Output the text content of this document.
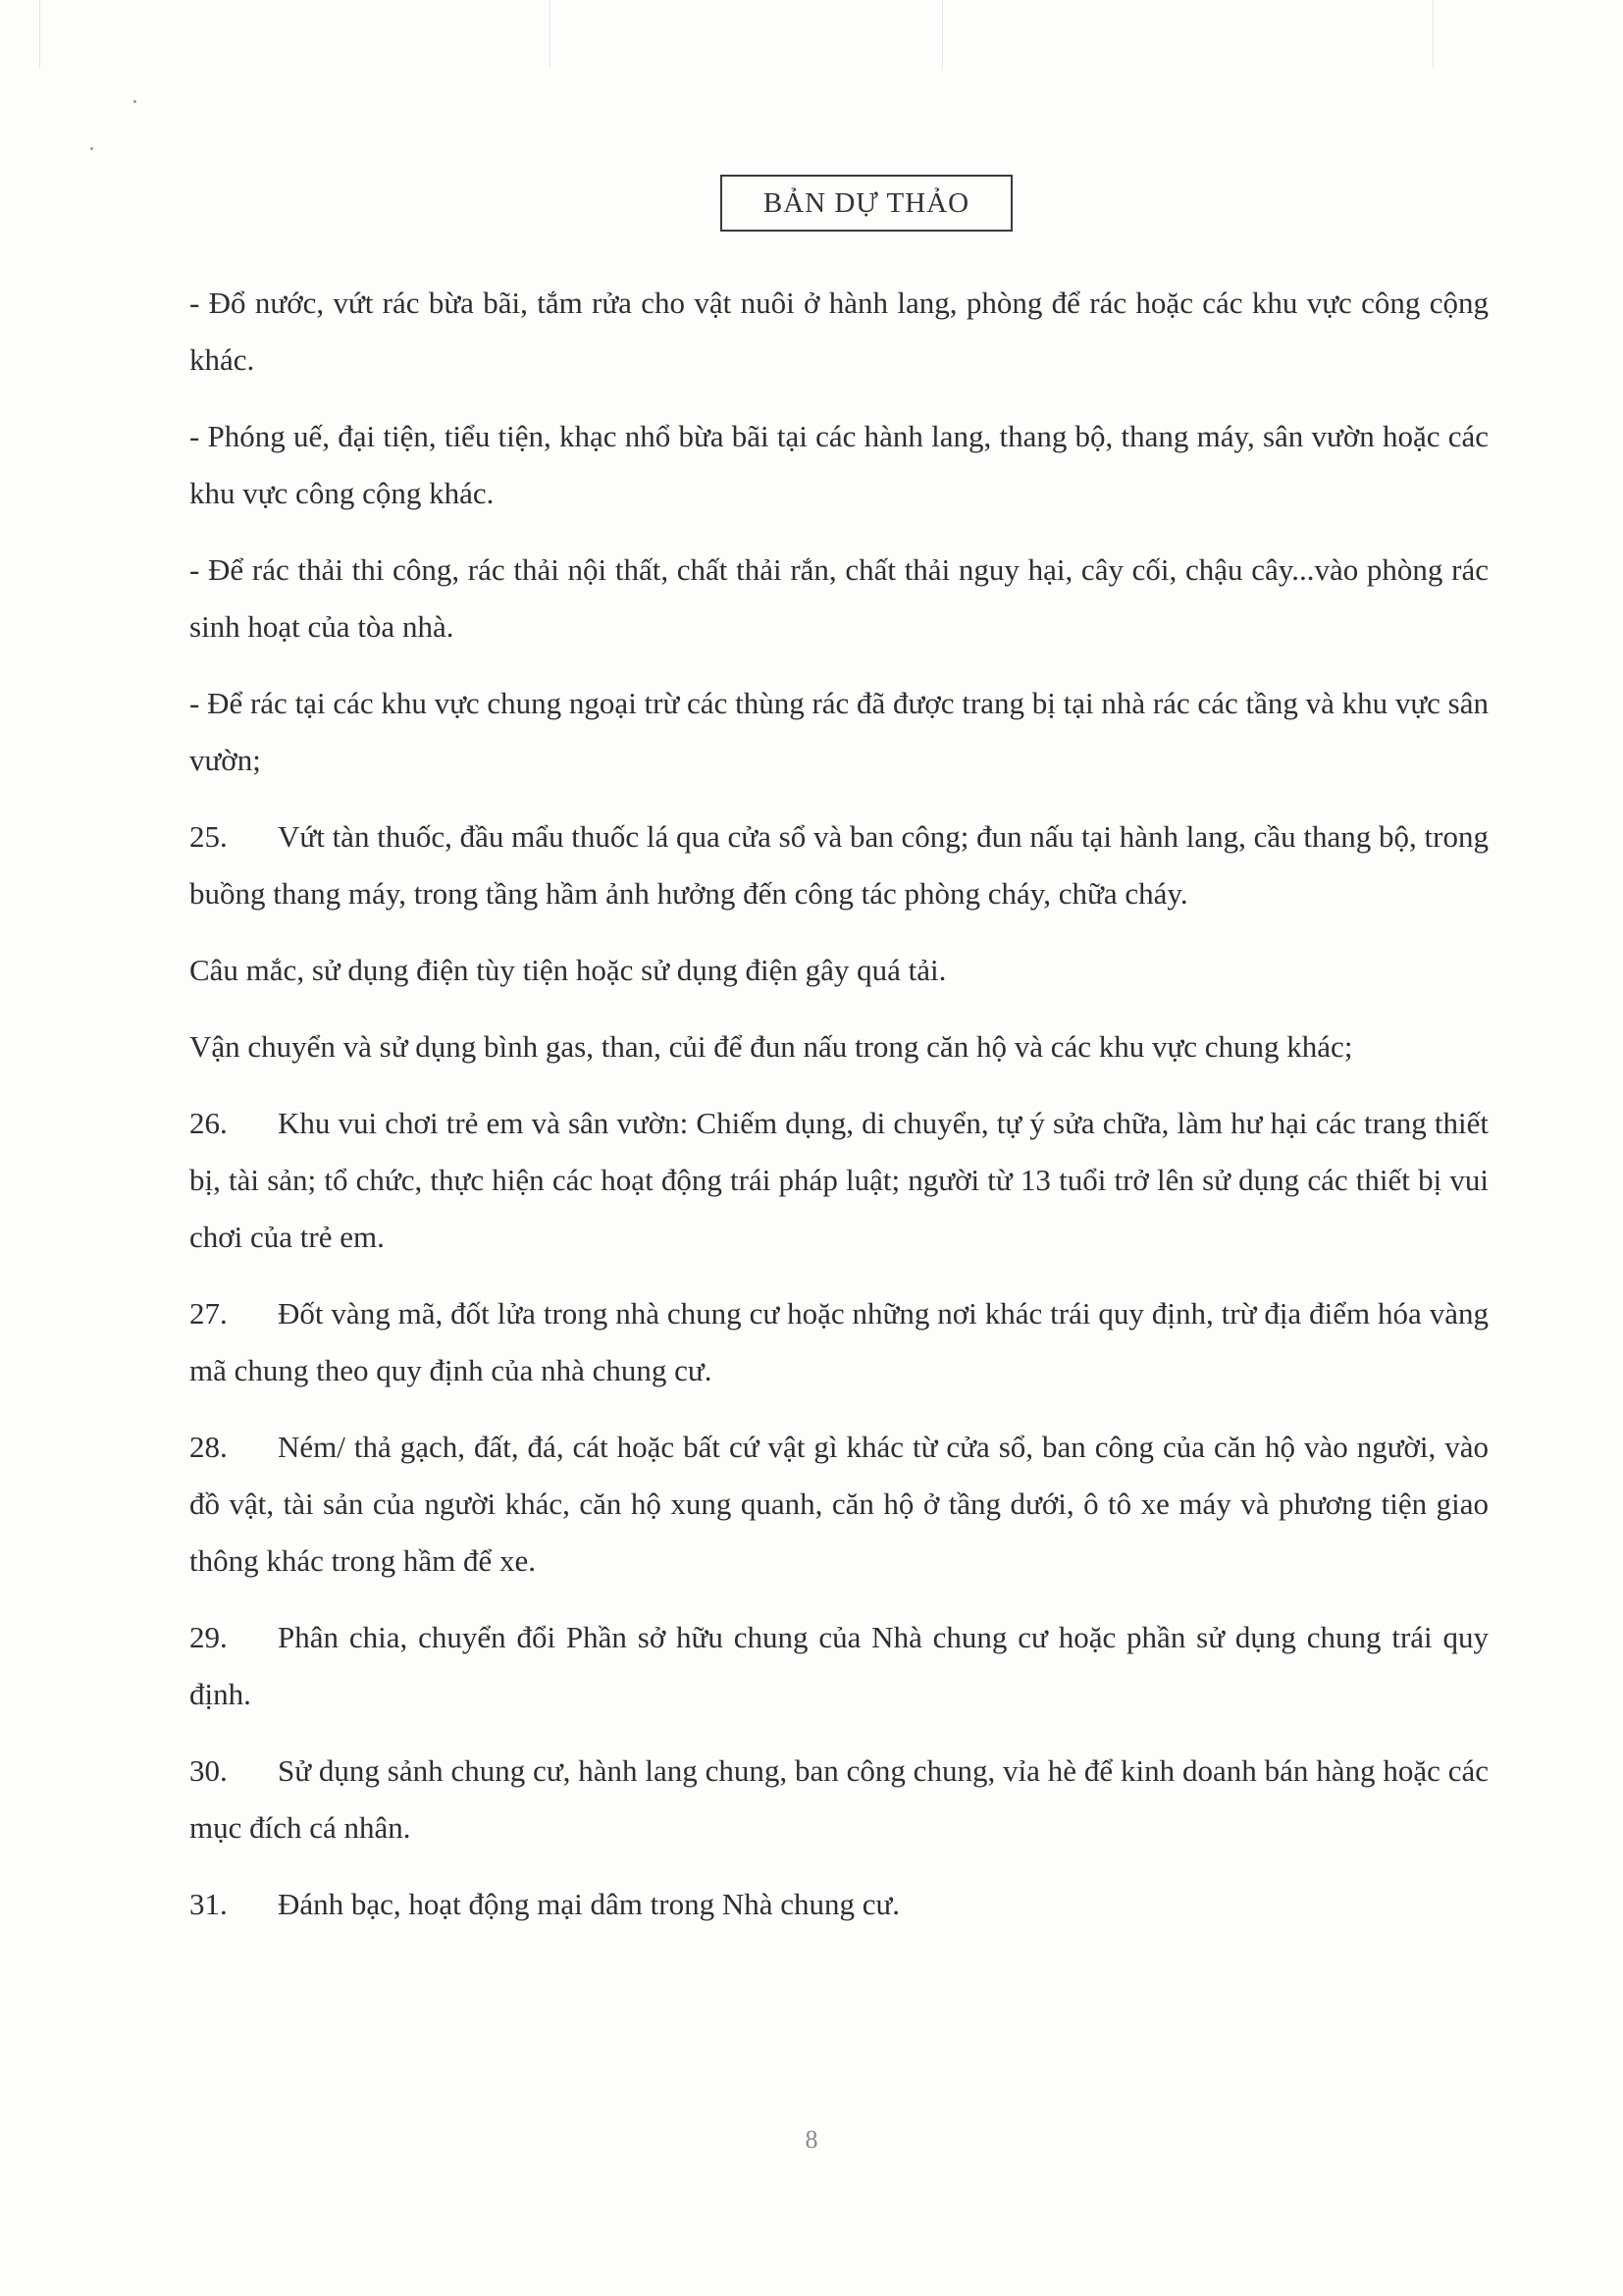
BẢN DỰ THẢO

- Đổ nước, vứt rác bừa bãi, tắm rửa cho vật nuôi ở hành lang, phòng để rác hoặc các khu vực công cộng khác.

- Phóng uế, đại tiện, tiểu tiện, khạc nhổ bừa bãi tại các hành lang, thang bộ, thang máy, sân vườn hoặc các khu vực công cộng khác.

- Để rác thải thi công, rác thải nội thất, chất thải rắn, chất thải nguy hại, cây cối, chậu cây...vào phòng rác sinh hoạt của tòa nhà.

- Để rác tại các khu vực chung ngoại trừ các thùng rác đã được trang bị tại nhà rác các tầng và khu vực sân vườn;

25. Vứt tàn thuốc, đầu mẩu thuốc lá qua cửa sổ và ban công; đun nấu tại hành lang, cầu thang bộ, trong buồng thang máy, trong tầng hầm ảnh hưởng đến công tác phòng cháy, chữa cháy.

Câu mắc, sử dụng điện tùy tiện hoặc sử dụng điện gây quá tải.

Vận chuyển và sử dụng bình gas, than, củi để đun nấu trong căn hộ và các khu vực chung khác;

26. Khu vui chơi trẻ em và sân vườn: Chiếm dụng, di chuyển, tự ý sửa chữa, làm hư hại các trang thiết bị, tài sản; tổ chức, thực hiện các hoạt động trái pháp luật; người từ 13 tuổi trở lên sử dụng các thiết bị vui chơi của trẻ em.

27. Đốt vàng mã, đốt lửa trong nhà chung cư hoặc những nơi khác trái quy định, trừ địa điểm hóa vàng mã chung theo quy định của nhà chung cư.

28. Ném/ thả gạch, đất, đá, cát hoặc bất cứ vật gì khác từ cửa sổ, ban công của căn hộ vào người, vào đồ vật, tài sản của người khác, căn hộ xung quanh, căn hộ ở tầng dưới, ô tô xe máy và phương tiện giao thông khác trong hầm để xe.

29. Phân chia, chuyển đổi Phần sở hữu chung của Nhà chung cư hoặc phần sử dụng chung trái quy định.

30. Sử dụng sảnh chung cư, hành lang chung, ban công chung, vỉa hè để kinh doanh bán hàng hoặc các mục đích cá nhân.

31. Đánh bạc, hoạt động mại dâm trong Nhà chung cư.

8
